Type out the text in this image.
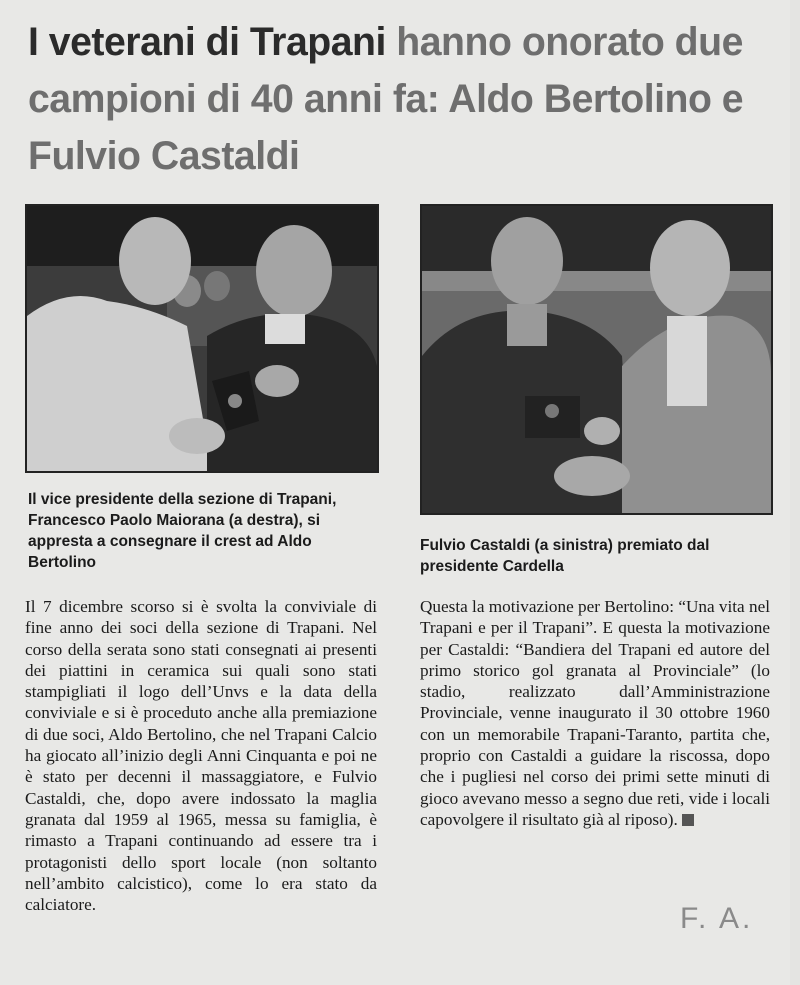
I veterani di Trapani hanno onorato due campioni di 40 anni fa: Aldo Bertolino e Fulvio Castaldi

Il vice presidente della sezione di Trapani, Francesco Paolo Maiorana (a destra), si appresta a consegnare il crest ad Aldo Bertolino

Fulvio Castaldi (a sinistra) premiato dal presidente Cardella

Il 7 dicembre scorso si è svolta la conviviale di fine anno dei soci della sezione di Trapani. Nel corso della serata sono stati consegnati ai presenti dei piattini in ceramica sui quali sono stati stampigliati il logo dell’Unvs e la data della conviviale e si è proceduto anche alla premiazione di due soci, Aldo Bertolino, che nel Trapani Calcio ha giocato all’inizio degli Anni Cinquanta e poi ne è stato per decenni il massaggiatore, e Fulvio Castaldi, che, dopo avere indossato la maglia granata dal 1959 al 1965, messa su famiglia, è rimasto a Trapani continuando ad essere tra i protagonisti dello sport locale (non soltanto nell’ambito calcistico), come lo era stato da calciatore.

Questa la motivazione per Bertolino: “Una vita nel Trapani e per il Trapani”. E questa la motivazione per Castaldi: “Bandiera del Trapani ed autore del primo storico gol granata al Provinciale” (lo stadio, realizzato dall’Amministrazione Provinciale, venne inaugurato il 30 ottobre 1960 con un memorabile Trapani-Taranto, partita che, proprio con Castaldi a guidare la riscossa, dopo che i pugliesi nel corso dei primi sette minuti di gioco avevano messo a segno due reti, vide i locali capovolgere il risultato già al riposo).

F. A.
